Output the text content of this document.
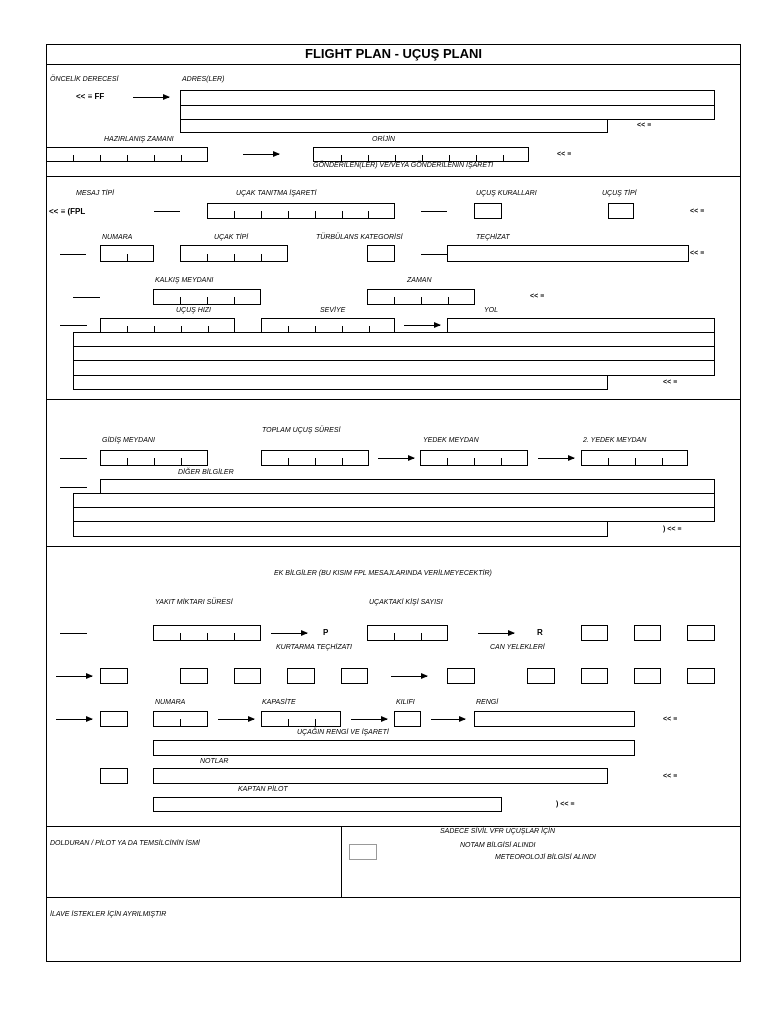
FLIGHT PLAN - UÇUŞ PLANI
ÖNCELİK DERECESİ	ADRES(LER)
<< ≡ FF
<< ≡
HAZIRLANIŞ ZAMANI	ORİJİN
<< ≡
GÖNDERİLEN(LER) VE/VEYA GÖNDERİLENİN İŞARETİ
MESAJ TİPİ	UÇAK TANITMA İŞARETİ	UÇUŞ KURALLARI	UÇUŞ TİPİ
<< ≡ (FPL	<< ≡
NUMARA	UÇAK TİPİ	TÜRBÜLANS KATEGORİSİ	TEÇHİZAT
<< ≡
KALKIŞ MEYDANI	ZAMAN
<< ≡
UÇUŞ HIZI	SEVİYE	YOL
<< ≡
TOPLAM UÇUŞ SÜRESİ
GİDİŞ MEYDANI	YEDEK MEYDAN	2. YEDEK MEYDAN
DİĞER BİLGİLER
) << ≡
EK BİLGİLER (BU KISIM FPL MESAJLARINDA VERİLMEYECEKTİR)
YAKIT MİKTARI SÜRESİ	UÇAKTAKİ KİŞİ SAYISI
P	R
KURTARMA TEÇHİZATI	CAN YELEKLERİ
NUMARA	KAPASİTE	KILIFI	RENGİ
<< ≡
UÇAĞIN RENGİ VE İŞARETİ
NOTLAR
<< ≡
KAPTAN PİLOT
) << ≡
DOLDURAN / PİLOT YA DA TEMSİLCİNİN İSMİ
SADECE SİVİL VFR UÇUŞLAR İÇİN
NOTAM BİLGİSİ ALINDI
METEOROLOJİ BİLGİSİ ALINDI
İLAVE İSTEKLER İÇİN AYRILMIŞTIR
